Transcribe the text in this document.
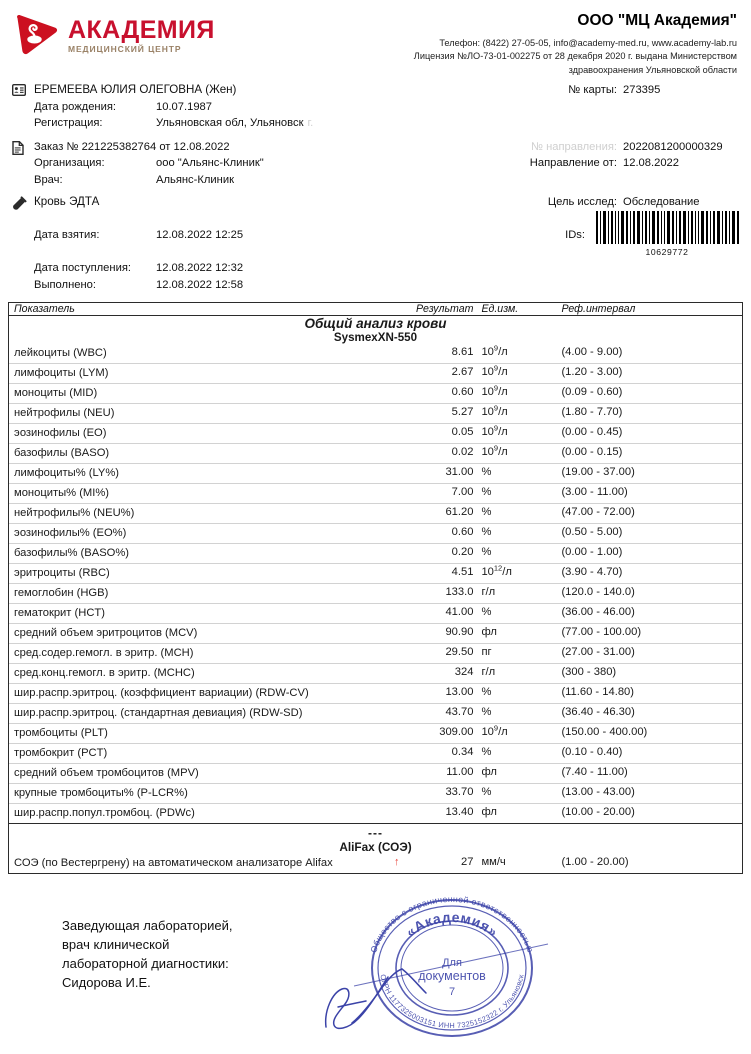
АКАДЕМИЯ
МЕДИЦИНСКИЙ ЦЕНТР
ООО "МЦ Академия"
Телефон: (8422) 27-05-05, info@academy-med.ru, www.academy-lab.ru
Лицензия №ЛО-73-01-002275 от 28 декабря 2020 г. выдана Министерством
здравоохранения Ульяновской области
ЕРЕМЕЕВА ЮЛИЯ ОЛЕГОВНА (Жен)	№ карты: 273395
Дата рождения:	10.07.1987
Регистрация:	Ульяновская обл, Ульяновск г.
Заказ № 221225382764 от 12.08.2022	№ направления: 2022081200000329
Организация:	ооо "Альянс-Клиник"	Направление от: 12.08.2022
Врач:	Альянс-Клиник
Кровь ЭДТА	Цель исслед: Обследование
Дата взятия:	12.08.2022 12:25	IDs:
10629772
Дата поступления:	12.08.2022 12:32
Выполнено:	12.08.2022 12:58
Показатель		Результат	Ед.изм.	Реф.интервал
Общий анализ крови				
SysmexXN-550				
лейкоциты (WBC)		8.61	$10^9/л$	(4.00 - 9.00)
лимфоциты (LYM)		2.67	$10^9/л$	(1.20 - 3.00)
моноциты (MID)		0.60	$10^9/л$	(0.09 - 0.60)
нейтрофилы (NEU)		5.27	$10^9/л$	(1.80 - 7.70)
эозинофилы (EO)		0.05	$10^9/л$	(0.00 - 0.45)
базофилы (BASO)		0.02	$10^9/л$	(0.00 - 0.15)
лимфоциты% (LY%)		31.00	%	(19.00 - 37.00)
моноциты% (MI%)		7.00	%	(3.00 - 11.00)
нейтрофилы% (NEU%)		61.20	%	(47.00 - 72.00)
эозинофилы% (EO%)		0.60	%	(0.50 - 5.00)
базофилы% (BASO%)		0.20	%	(0.00 - 1.00)
эритроциты (RBC)		4.51	$10^{12}/л$	(3.90 - 4.70)
гемоглобин (HGB)		133.0	г/л	(120.0 - 140.0)
гематокрит (HCT)		41.00	%	(36.00 - 46.00)
средний объем эритроцитов (MCV)		90.90	фл	(77.00 - 100.00)
сред.содер.гемогл. в эритр. (MCH)		29.50	пг	(27.00 - 31.00)
сред.конц.гемогл. в эритр. (MCHC)		324	г/л	(300 - 380)
шир.распр.эритроц. (коэффициент вариации) (RDW-CV)		13.00	%	(11.60 - 14.80)
шир.распр.эритроц. (стандартная девиация) (RDW-SD)		43.70	%	(36.40 - 46.30)
тромбоциты (PLT)		309.00	$10^9/л$	(150.00 - 400.00)
тромбокрит (PCT)		0.34	%	(0.10 - 0.40)
средний объем тромбоцитов (MPV)		11.00	фл	(7.40 - 11.00)
крупные тромбоциты% (P-LCR%)		33.70	%	(13.00 - 43.00)
шир.распр.попул.тромбоц. (PDWc)		13.40	фл	(10.00 - 20.00)

---				
AliFax (СОЭ)				
СОЭ (по Вестергрену) на автоматическом анализаторе Alifax	↑	27	мм/ч	(1.00 - 20.00)
Заведующая лабораторией,
врач клинической
лабораторной диагностики:
Сидорова И.Е.
Общество с ограниченной ответственностью
ОГРН 1177325003151 ИНН 7325152322 г. Ульяновск
«Академия»
Для
документов
7
